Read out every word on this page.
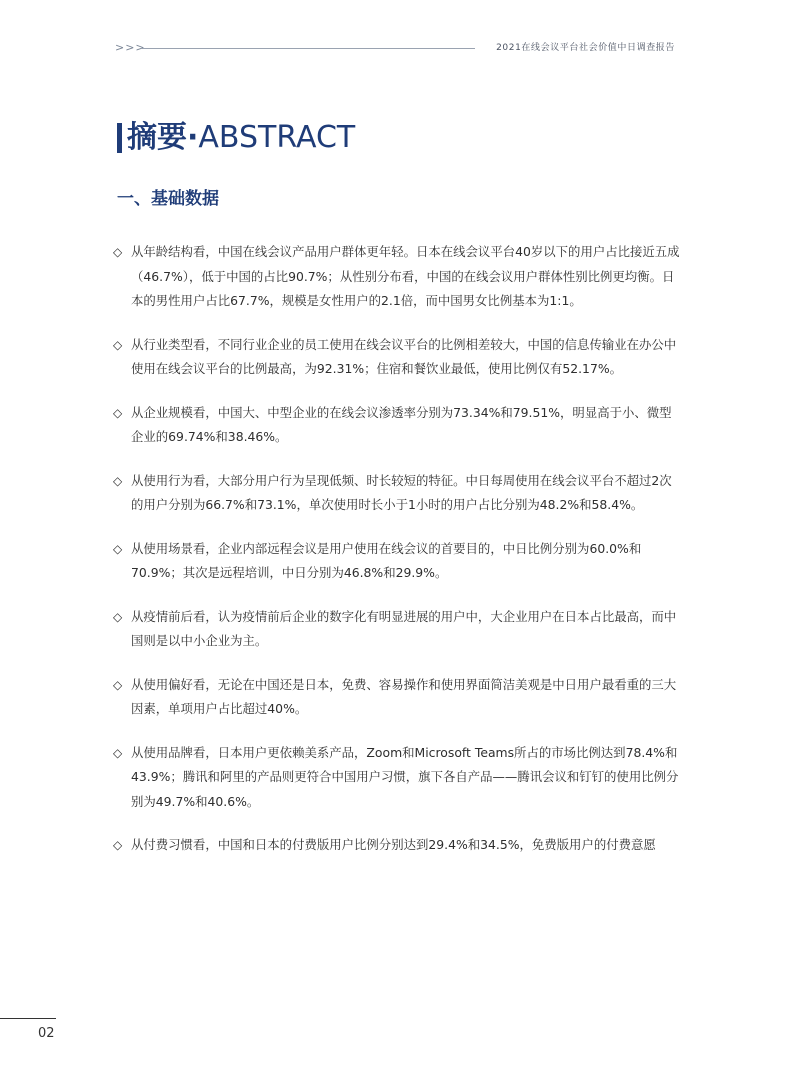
>>>	2021在线会议平台社会价值中日调查报告
摘要·ABSTRACT
一、基础数据
◇ 从年龄结构看，中国在线会议产品用户群体更年轻。日本在线会议平台40岁以下的用户占比接近五成（46.7%），低于中国的占比90.7%；从性别分布看，中国的在线会议用户群体性别比例更均衡。日本的男性用户占比67.7%，规模是女性用户的2.1倍，而中国男女比例基本为1:1。
◇ 从行业类型看，不同行业企业的员工使用在线会议平台的比例相差较大，中国的信息传输业在办公中使用在线会议平台的比例最高，为92.31%；住宿和餐饮业最低，使用比例仅有52.17%。
◇ 从企业规模看，中国大、中型企业的在线会议渗透率分别为73.34%和79.51%，明显高于小、微型企业的69.74%和38.46%。
◇ 从使用行为看，大部分用户行为呈现低频、时长较短的特征。中日每周使用在线会议平台不超过2次的用户分别为66.7%和73.1%，单次使用时长小于1小时的用户占比分别为48.2%和58.4%。
◇ 从使用场景看，企业内部远程会议是用户使用在线会议的首要目的，中日比例分别为60.0%和70.9%；其次是远程培训，中日分别为46.8%和29.9%。
◇ 从疫情前后看，认为疫情前后企业的数字化有明显进展的用户中，大企业用户在日本占比最高，而中国则是以中小企业为主。
◇ 从使用偏好看，无论在中国还是日本，免费、容易操作和使用界面简洁美观是中日用户最看重的三大因素，单项用户占比超过40%。
◇ 从使用品牌看，日本用户更依赖美系产品，Zoom和Microsoft Teams所占的市场比例达到78.4%和43.9%；腾讯和阿里的产品则更符合中国用户习惯，旗下各自产品——腾讯会议和钉钉的使用比例分别为49.7%和40.6%。
◇ 从付费习惯看，中国和日本的付费版用户比例分别达到29.4%和34.5%，免费版用户的付费意愿
02
